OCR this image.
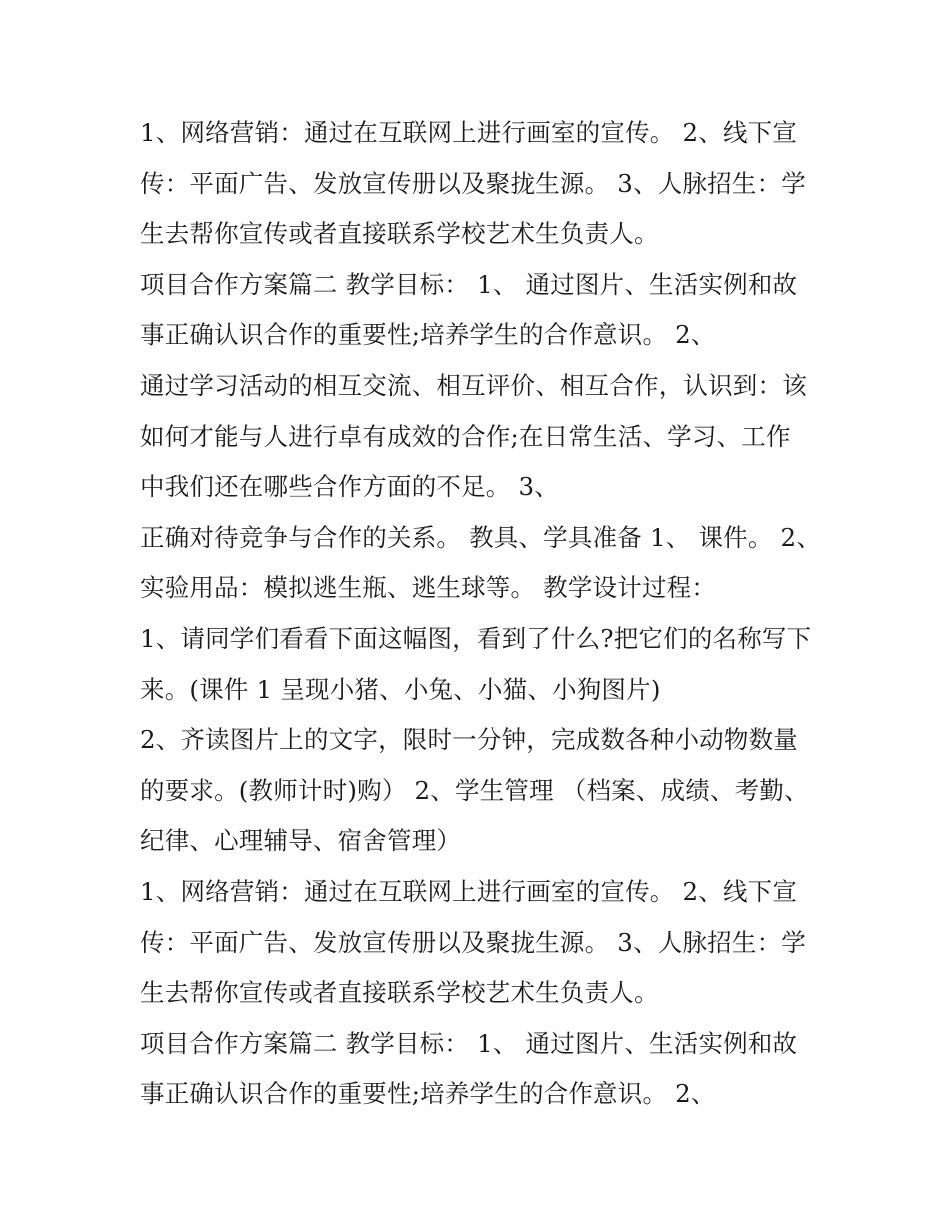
1、网络营销：通过在互联网上进行画室的宣传。 2、线下宣
传：平面广告、发放宣传册以及聚拢生源。 3、人脉招生：学
生去帮你宣传或者直接联系学校艺术生负责人。
项目合作方案篇二 教学目标： 1、 通过图片、生活实例和故
事正确认识合作的重要性;培养学生的合作意识。 2、
通过学习活动的相互交流、相互评价、相互合作，认识到：该
如何才能与人进行卓有成效的合作;在日常生活、学习、工作
中我们还在哪些合作方面的不足。 3、
正确对待竞争与合作的关系。 教具、学具准备 1、 课件。 2、
实验用品：模拟逃生瓶、逃生球等。 教学设计过程：
1、请同学们看看下面这幅图，看到了什么?把它们的名称写下
来。(课件 1 呈现小猪、小兔、小猫、小狗图片)
2、齐读图片上的文字，限时一分钟，完成数各种小动物数量
的要求。(教师计时)购） 2、学生管理 （档案、成绩、考勤、
纪律、心理辅导、宿舍管理）
1、网络营销：通过在互联网上进行画室的宣传。 2、线下宣
传：平面广告、发放宣传册以及聚拢生源。 3、人脉招生：学
生去帮你宣传或者直接联系学校艺术生负责人。
项目合作方案篇二 教学目标： 1、 通过图片、生活实例和故
事正确认识合作的重要性;培养学生的合作意识。 2、
